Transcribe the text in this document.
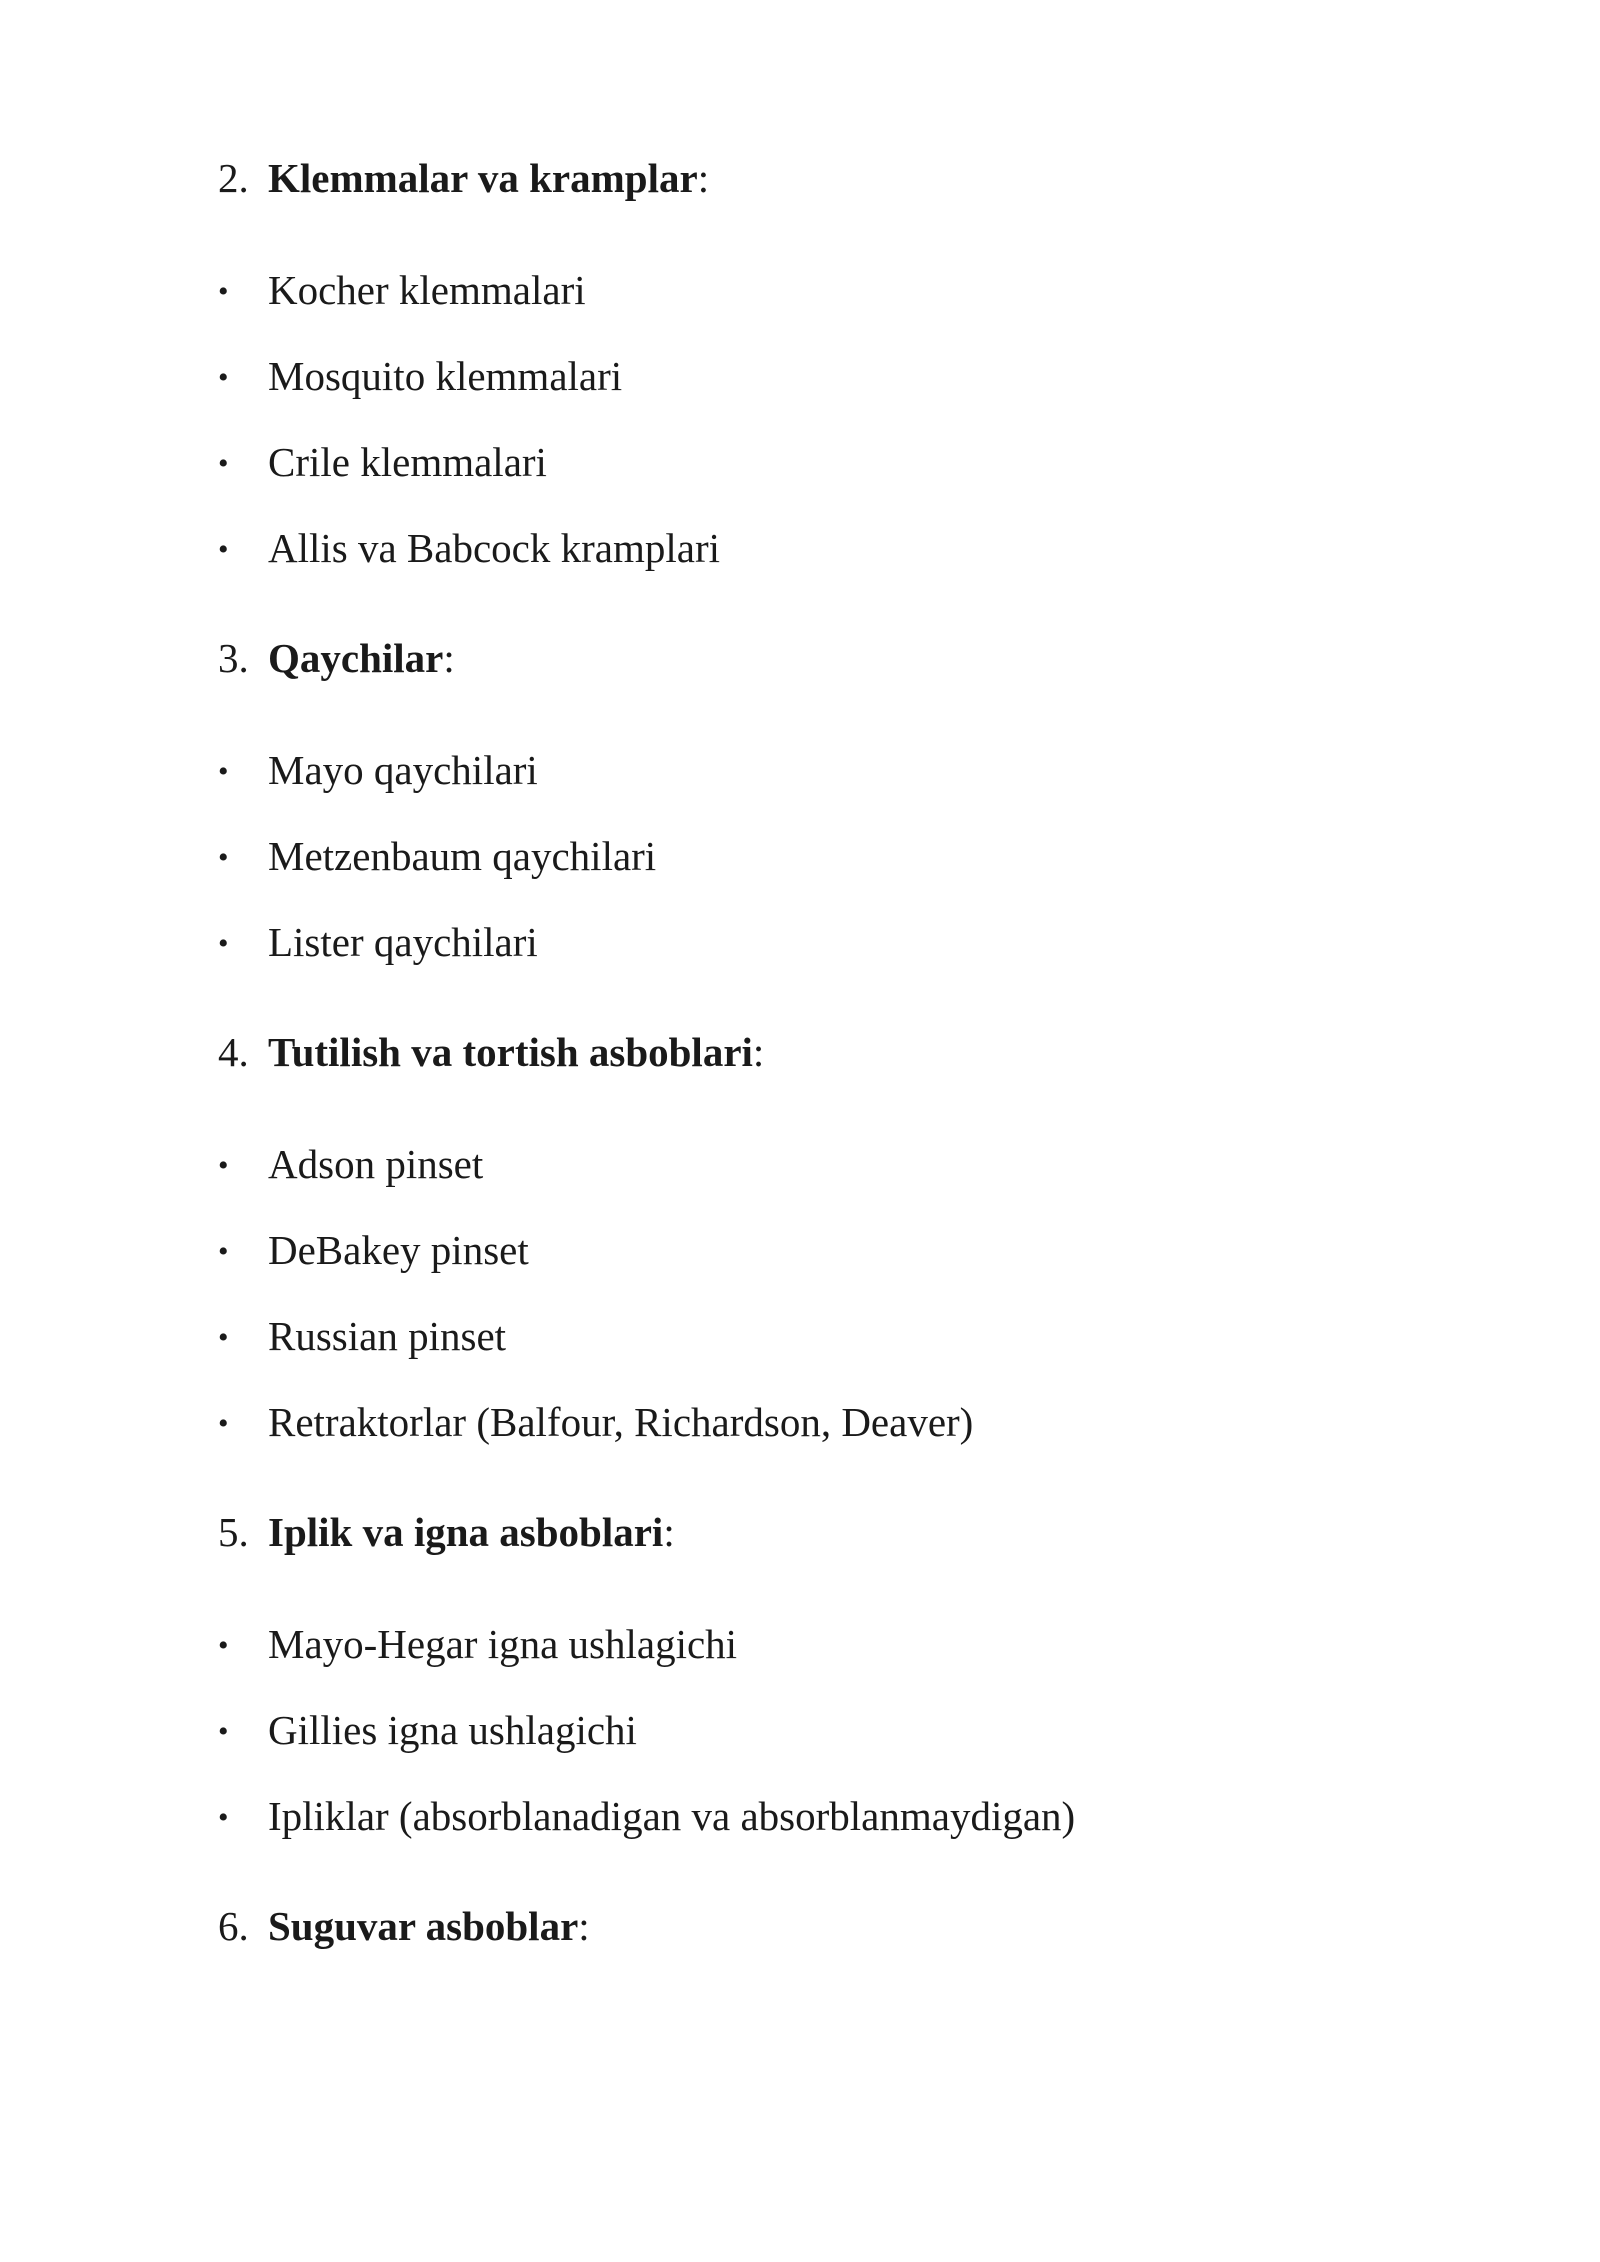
2. Klemmalar va kramplar:
• Kocher klemmalari
• Mosquito klemmalari
• Crile klemmalari
• Allis va Babcock kramplari
3. Qaychilar:
• Mayo qaychilari
• Metzenbaum qaychilari
• Lister qaychilari
4. Tutilish va tortish asboblari:
• Adson pinset
• DeBakey pinset
• Russian pinset
• Retraktorlar (Balfour, Richardson, Deaver)
5. Iplik va igna asboblari:
• Mayo-Hegar igna ushlagichi
• Gillies igna ushlagichi
• Ipliklar (absorblanadigan va absorblanmaydigan)
6. Suguvar asboblar:
